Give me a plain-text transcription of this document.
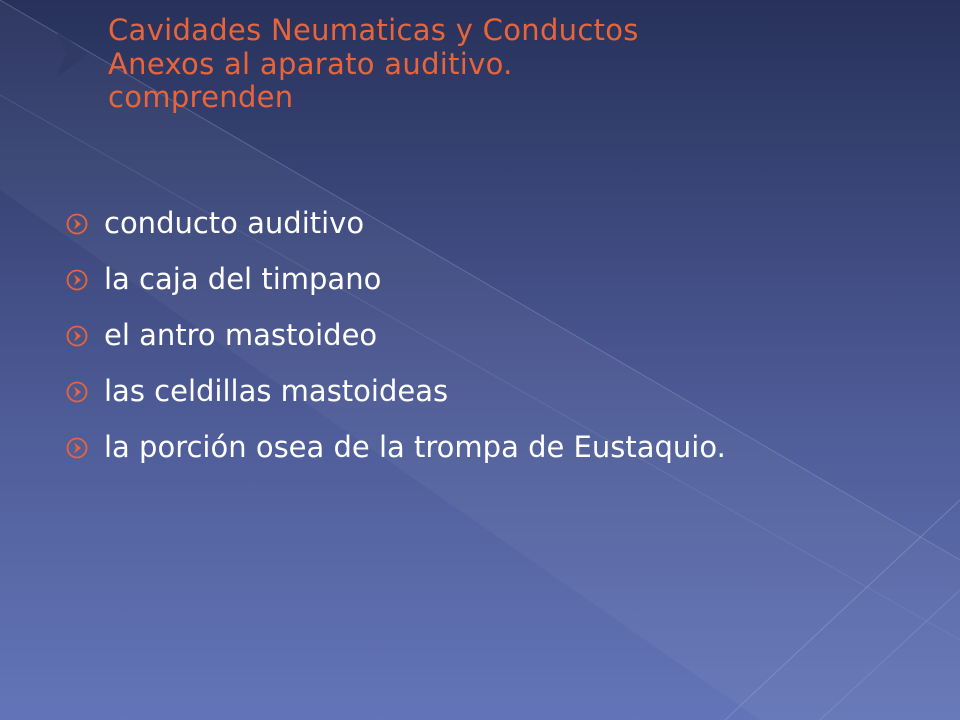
Cavidades Neumaticas y Conductos
Anexos al aparato auditivo.
comprenden
conducto auditivo
la caja del timpano
el antro mastoideo
las celdillas mastoideas
la porción osea de la trompa de Eustaquio.
